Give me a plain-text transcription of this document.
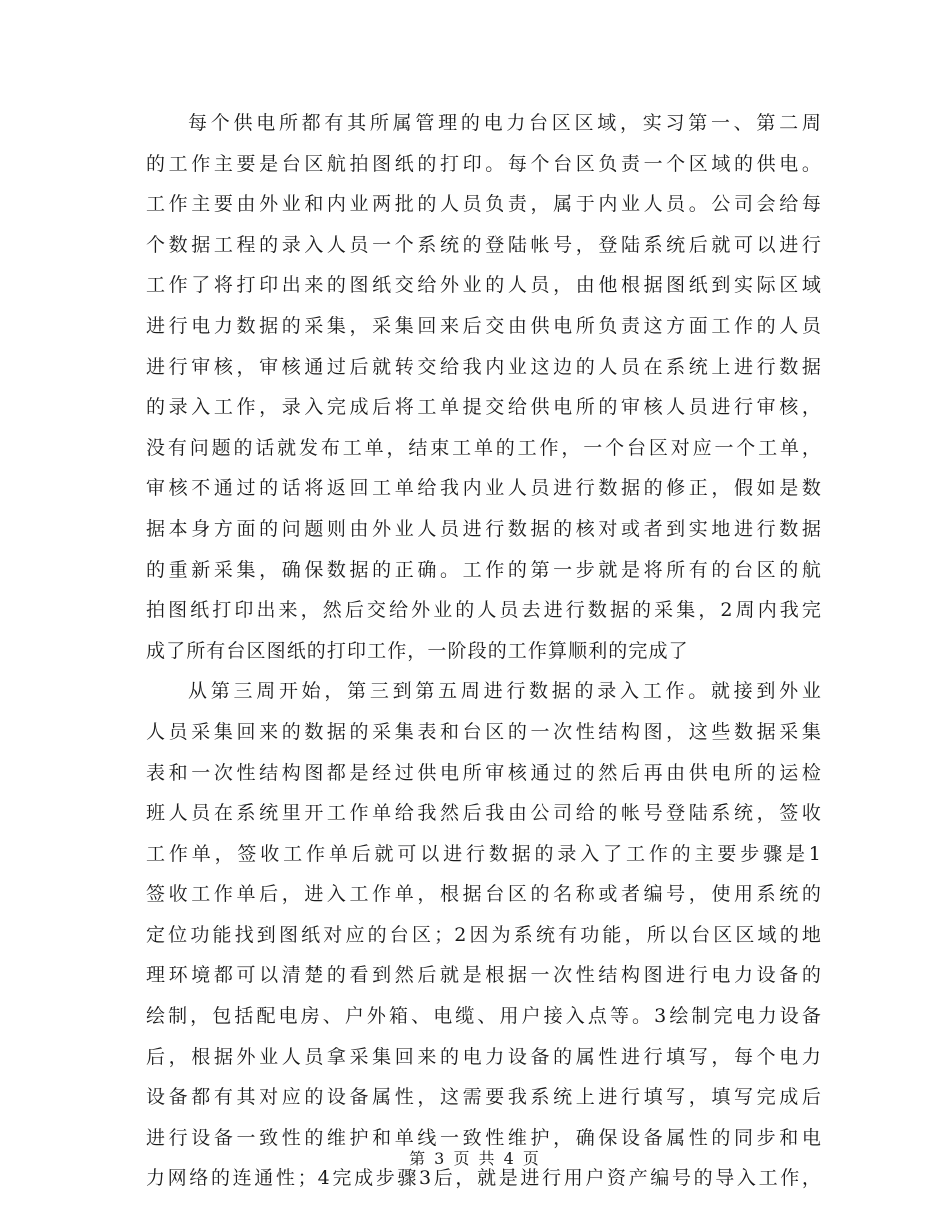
每个供电所都有其所属管理的电力台区区域，实习第一、第二周
的工作主要是台区航拍图纸的打印。每个台区负责一个区域的供电。
工作主要由外业和内业两批的人员负责，属于内业人员。公司会给每
个数据工程的录入人员一个系统的登陆帐号，登陆系统后就可以进行
工作了将打印出来的图纸交给外业的人员，由他根据图纸到实际区域
进行电力数据的采集，采集回来后交由供电所负责这方面工作的人员
进行审核，审核通过后就转交给我内业这边的人员在系统上进行数据
的录入工作，录入完成后将工单提交给供电所的审核人员进行审核，
没有问题的话就发布工单，结束工单的工作，一个台区对应一个工单，
审核不通过的话将返回工单给我内业人员进行数据的修正，假如是数
据本身方面的问题则由外业人员进行数据的核对或者到实地进行数据
的重新采集，确保数据的正确。工作的第一步就是将所有的台区的航
拍图纸打印出来，然后交给外业的人员去进行数据的采集，2周内我完
成了所有台区图纸的打印工作，一阶段的工作算顺利的完成了
从第三周开始，第三到第五周进行数据的录入工作。就接到外业
人员采集回来的数据的采集表和台区的一次性结构图，这些数据采集
表和一次性结构图都是经过供电所审核通过的然后再由供电所的运检
班人员在系统里开工作单给我然后我由公司给的帐号登陆系统，签收
工作单，签收工作单后就可以进行数据的录入了工作的主要步骤是1
签收工作单后，进入工作单，根据台区的名称或者编号，使用系统的
定位功能找到图纸对应的台区；2因为系统有功能，所以台区区域的地
理环境都可以清楚的看到然后就是根据一次性结构图进行电力设备的
绘制，包括配电房、户外箱、电缆、用户接入点等。3绘制完电力设备
后，根据外业人员拿采集回来的电力设备的属性进行填写，每个电力
设备都有其对应的设备属性，这需要我系统上进行填写，填写完成后
进行设备一致性的维护和单线一致性维护，确保设备属性的同步和电
力网络的连通性；4完成步骤3后，就是进行用户资产编号的导入工作，
第 3 页 共 4 页
